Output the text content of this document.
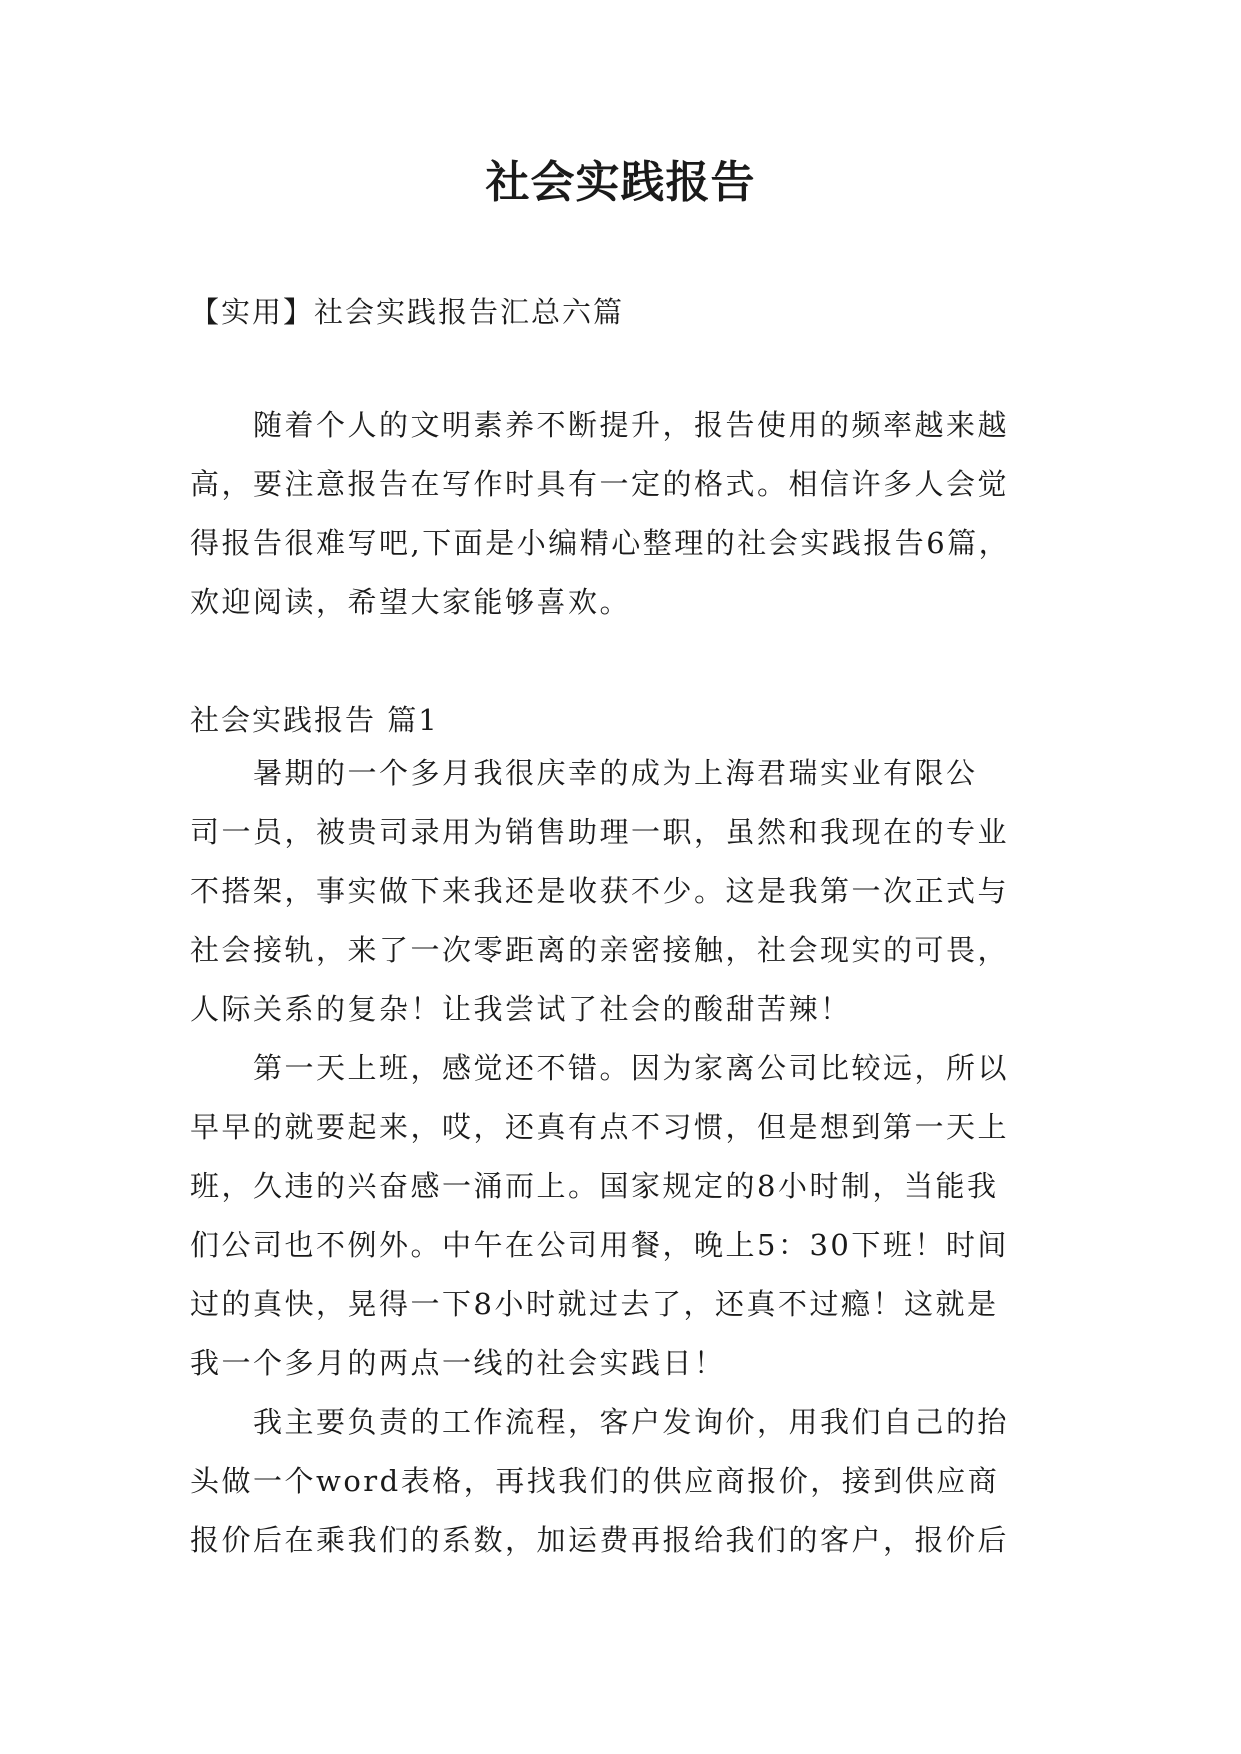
社会实践报告
【实用】社会实践报告汇总六篇
　　随着个人的文明素养不断提升，报告使用的频率越来越
高，要注意报告在写作时具有一定的格式。相信许多人会觉
得报告很难写吧,下面是小编精心整理的社会实践报告6篇，
欢迎阅读，希望大家能够喜欢。
社会实践报告 篇1
　　暑期的一个多月我很庆幸的成为上海君瑞实业有限公
司一员，被贵司录用为销售助理一职，虽然和我现在的专业
不搭架，事实做下来我还是收获不少。这是我第一次正式与
社会接轨，来了一次零距离的亲密接触，社会现实的可畏，
人际关系的复杂！让我尝试了社会的酸甜苦辣！
　　第一天上班，感觉还不错。因为家离公司比较远，所以
早早的就要起来，哎，还真有点不习惯，但是想到第一天上
班，久违的兴奋感一涌而上。国家规定的8小时制，当能我
们公司也不例外。中午在公司用餐，晚上5：30下班！时间
过的真快，晃得一下8小时就过去了，还真不过瘾！这就是
我一个多月的两点一线的社会实践日！
　　我主要负责的工作流程，客户发询价，用我们自己的抬
头做一个word表格，再找我们的供应商报价，接到供应商
报价后在乘我们的系数，加运费再报给我们的客户，报价后
